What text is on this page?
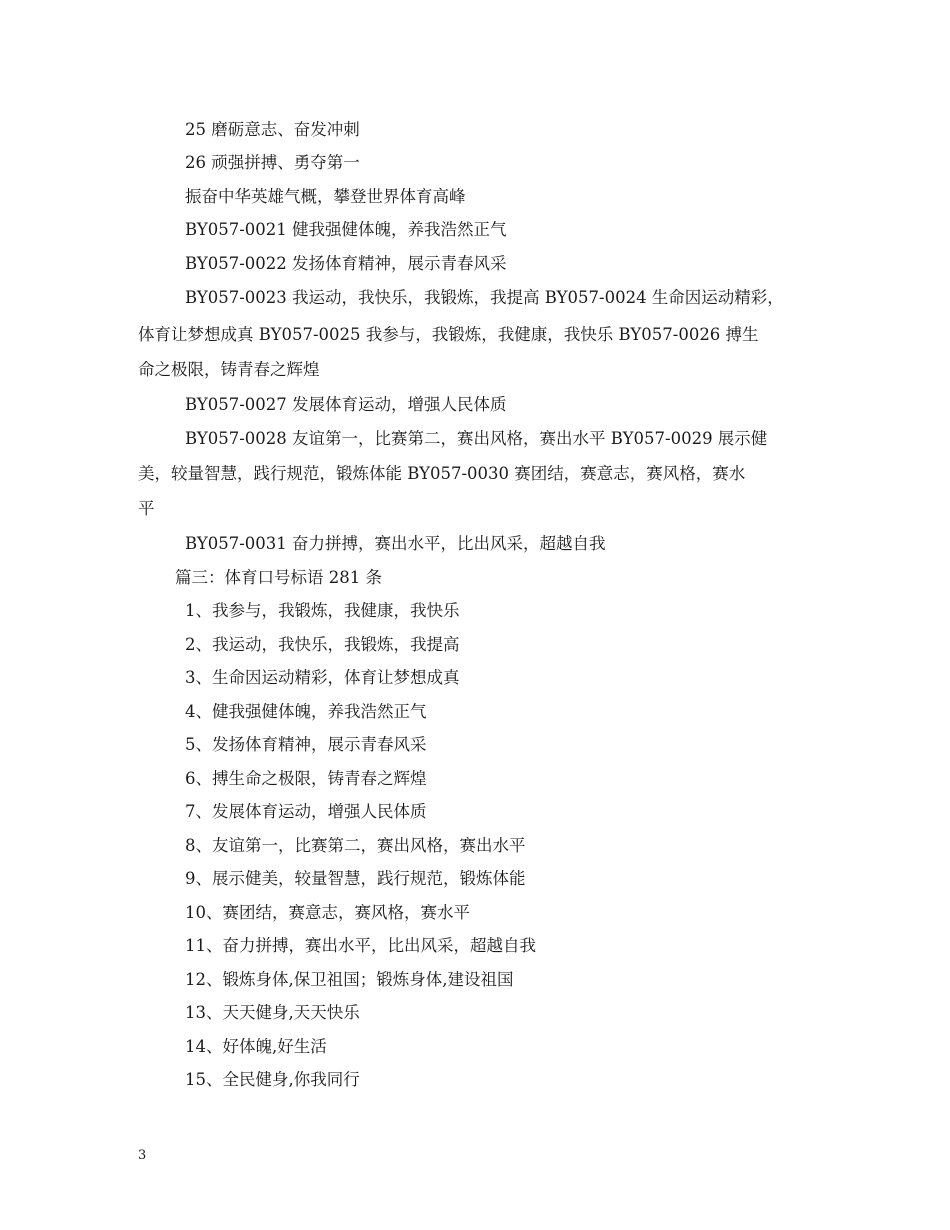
25 磨砺意志、奋发冲刺
26 顽强拼搏、勇夺第一
振奋中华英雄气概，攀登世界体育高峰
BY057-0021 健我强健体魄，养我浩然正气
BY057-0022 发扬体育精神，展示青春风采
BY057-0023 我运动，我快乐，我锻炼，我提高 BY057-0024 生命因运动精彩，
体育让梦想成真 BY057-0025 我参与，我锻炼，我健康，我快乐 BY057-0026 搏生
命之极限，铸青春之辉煌
BY057-0027 发展体育运动，增强人民体质
BY057-0028 友谊第一，比赛第二，赛出风格，赛出水平 BY057-0029 展示健
美，较量智慧，践行规范，锻炼体能 BY057-0030 赛团结，赛意志，赛风格，赛水
平
BY057-0031 奋力拼搏，赛出水平，比出风采，超越自我
篇三：体育口号标语 281 条
1、我参与，我锻炼，我健康，我快乐
2、我运动，我快乐，我锻炼，我提高
3、生命因运动精彩，体育让梦想成真
4、健我强健体魄，养我浩然正气
5、发扬体育精神，展示青春风采
6、搏生命之极限，铸青春之辉煌
7、发展体育运动，增强人民体质
8、友谊第一，比赛第二，赛出风格，赛出水平
9、展示健美，较量智慧，践行规范，锻炼体能
10、赛团结，赛意志，赛风格，赛水平
11、奋力拼搏，赛出水平，比出风采，超越自我
12、锻炼身体,保卫祖国；锻炼身体,建设祖国
13、天天健身,天天快乐
14、好体魄,好生活
15、全民健身,你我同行
3
